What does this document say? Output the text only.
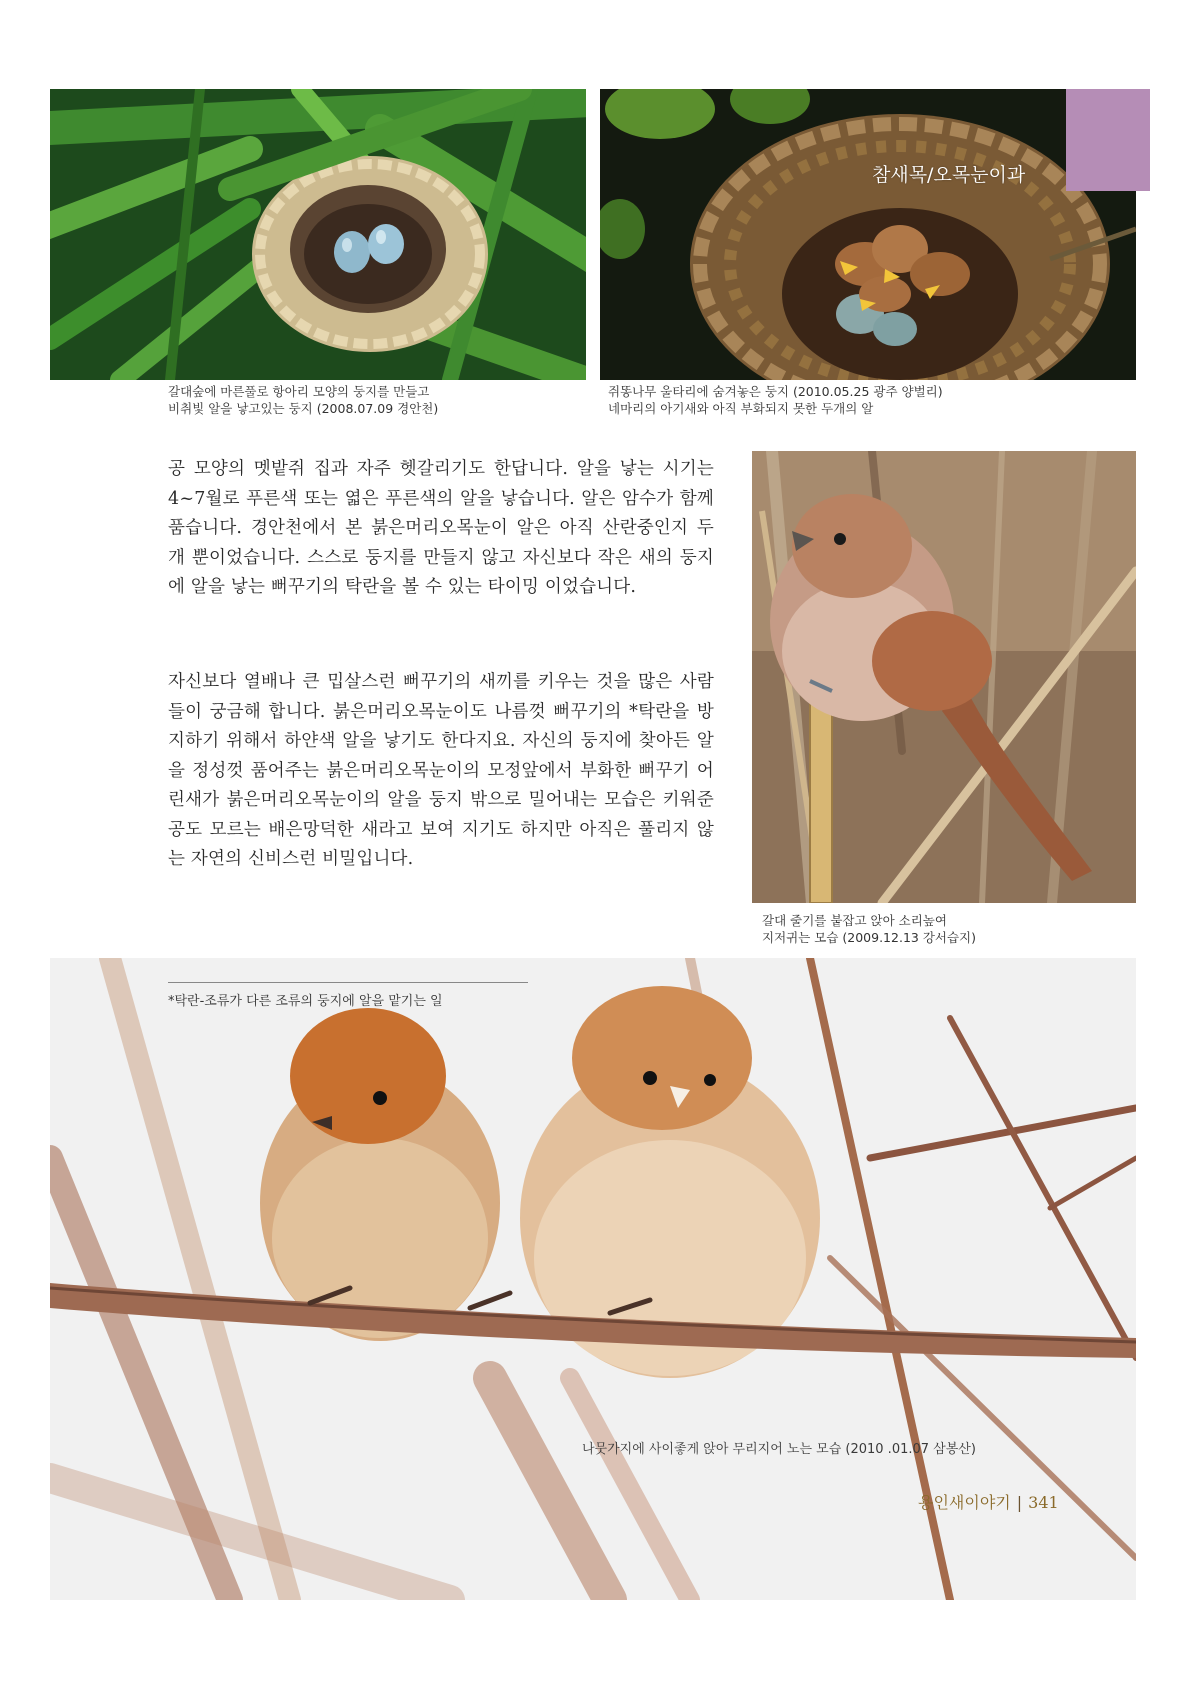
갈대숲에 마른풀로 항아리 모양의 둥지를 만들고
비취빛 알을 낳고있는 둥지 (2008.07.09 경안천)
참새목/오목눈이과
쥐똥나무 울타리에 숨겨놓은 둥지 (2010.05.25 광주 양벌리)
네마리의 아기새와 아직 부화되지 못한 두개의 알

공 모양의 멧밭쥐 집과 자주 헷갈리기도 한답니다. 알을 낳는 시기는 4~7월로 푸른색 또는 엷은 푸른색의 알을 낳습니다. 알은 암수가 함께 품습니다. 경안천에서 본 붉은머리오목눈이 알은 아직 산란중인지 두 개 뿐이었습니다. 스스로 둥지를 만들지 않고 자신보다 작은 새의 둥지에 알을 낳는 뻐꾸기의 탁란을 볼 수 있는 타이밍 이었습니다.

자신보다 열배나 큰 밉살스런 뻐꾸기의 새끼를 키우는 것을 많은 사람들이 궁금해 합니다. 붉은머리오목눈이도 나름껏 뻐꾸기의 *탁란을 방지하기 위해서 하얀색 알을 낳기도 한다지요. 자신의 둥지에 찾아든 알을 정성껏 품어주는 붉은머리오목눈이의 모정앞에서 부화한 뻐꾸기 어린새가 붉은머리오목눈이의 알을 둥지 밖으로 밀어내는 모습은 키워준 공도 모르는 배은망덕한 새라고 보여 지기도 하지만 아직은 풀리지 않는 자연의 신비스런 비밀입니다.

갈대 줄기를 붙잡고 앉아 소리높여
지저귀는 모습 (2009.12.13 강서습지)
*탁란-조류가 다른 조류의 둥지에 알을 맡기는 일
나뭇가지에 사이좋게 앉아 무리지어 노는 모습 (2010 .01.07 삼봉산)
용인새이야기 | 341
